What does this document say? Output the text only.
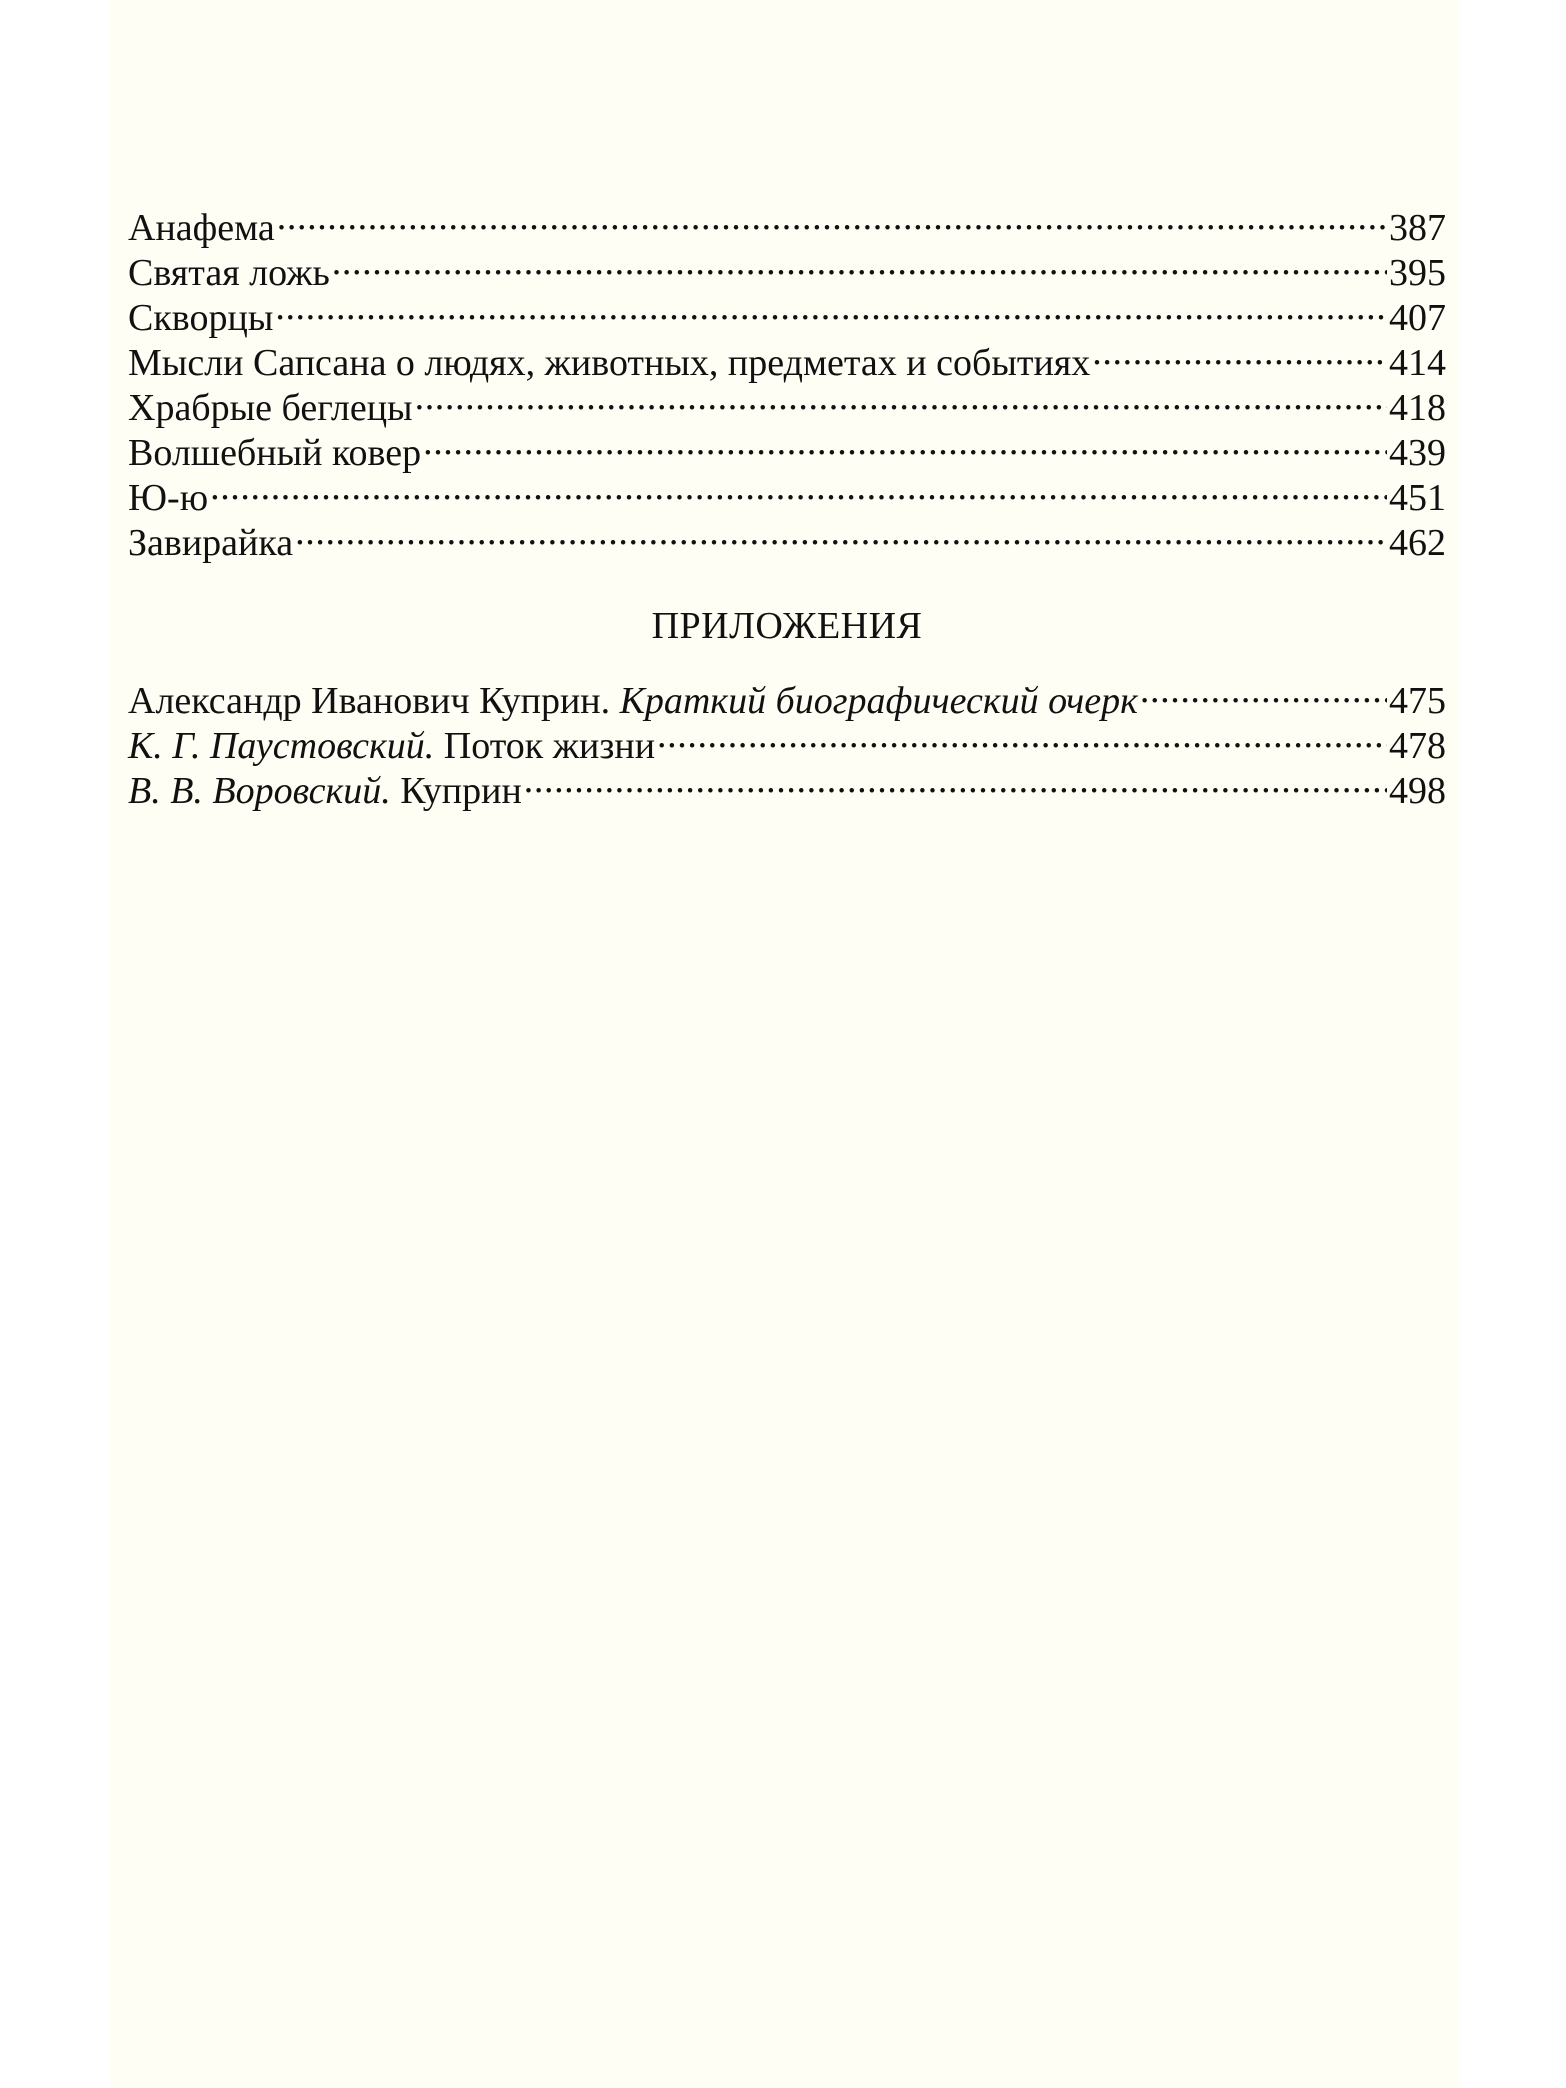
Анафема .....	387
Святая ложь .....	395
Скворцы .....	407
Мысли Сапсана о людях, животных, предметах и событиях .....	414
Храбрые беглецы .....	418
Волшебный ковер .....	439
Ю-ю .....	451
Завирайка .....	462
ПРИЛОЖЕНИЯ
Александр Иванович Куприн. Краткий биографический очерк .....	475
К. Г. Паустовский. Поток жизни .....	478
В. В. Воровский. Куприн .....	498
